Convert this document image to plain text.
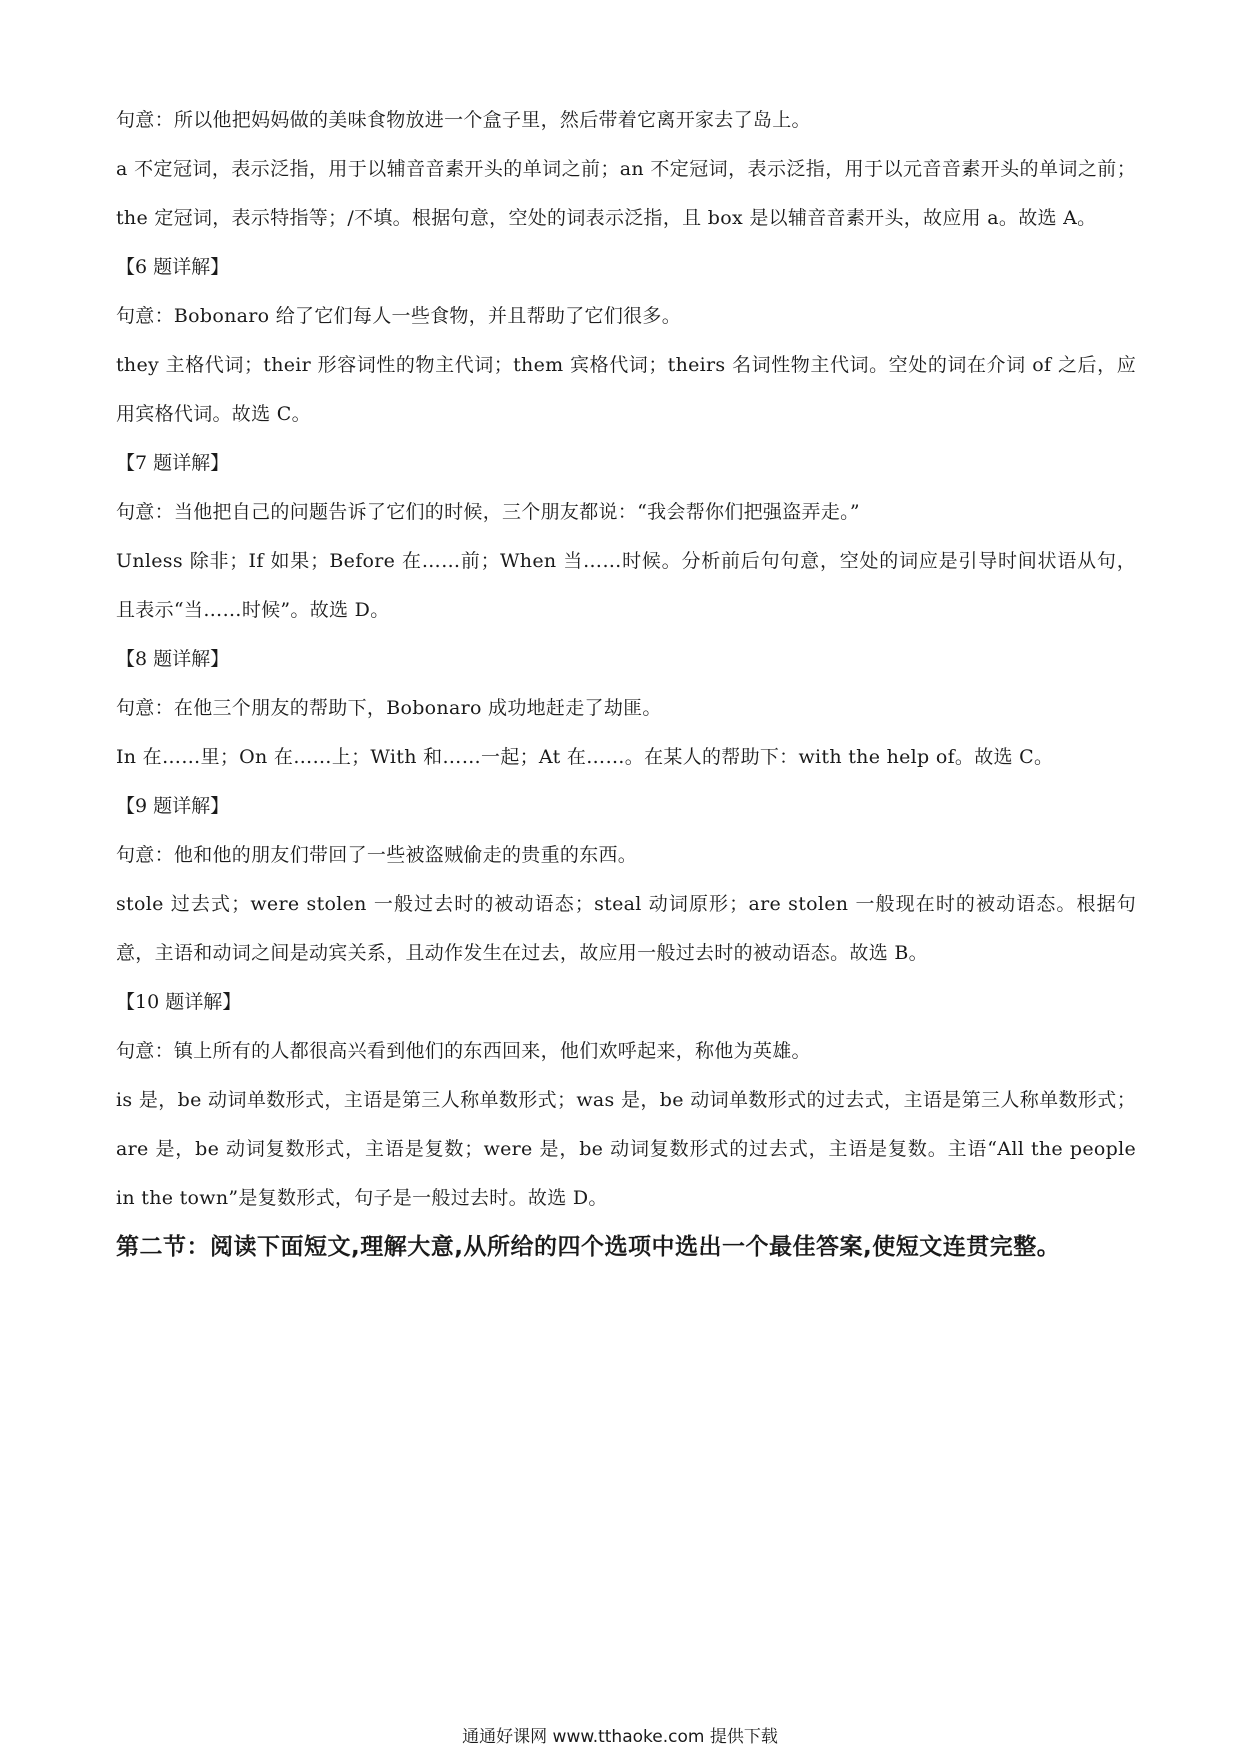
句意：所以他把妈妈做的美味食物放进一个盒子里，然后带着它离开家去了岛上。

a 不定冠词，表示泛指，用于以辅音音素开头的单词之前；an 不定冠词，表示泛指，用于以元音音素开头的单词之前；the 定冠词，表示特指等；/不填。根据句意，空处的词表示泛指，且 box 是以辅音音素开头，故应用 a。故选 A。

【6 题详解】

句意：Bobonaro 给了它们每人一些食物，并且帮助了它们很多。

they 主格代词；their 形容词性的物主代词；them 宾格代词；theirs 名词性物主代词。空处的词在介词 of 之后，应用宾格代词。故选 C。

【7 题详解】

句意：当他把自己的问题告诉了它们的时候，三个朋友都说：“我会帮你们把强盗弄走。”

Unless 除非；If 如果；Before 在……前；When 当……时候。分析前后句句意，空处的词应是引导时间状语从句，且表示“当……时候”。故选 D。

【8 题详解】

句意：在他三个朋友的帮助下，Bobonaro 成功地赶走了劫匪。

In 在……里；On 在……上；With 和……一起；At 在……。在某人的帮助下：with the help of。故选 C。

【9 题详解】

句意：他和他的朋友们带回了一些被盗贼偷走的贵重的东西。

stole 过去式；were stolen 一般过去时的被动语态；steal 动词原形；are stolen 一般现在时的被动语态。根据句意，主语和动词之间是动宾关系，且动作发生在过去，故应用一般过去时的被动语态。故选 B。

【10 题详解】

句意：镇上所有的人都很高兴看到他们的东西回来，他们欢呼起来，称他为英雄。

is 是，be 动词单数形式，主语是第三人称单数形式；was 是，be 动词单数形式的过去式，主语是第三人称单数形式；are 是，be 动词复数形式，主语是复数；were 是，be 动词复数形式的过去式，主语是复数。主语“All the people in the town”是复数形式，句子是一般过去时。故选 D。

第二节：阅读下面短文,理解大意,从所给的四个选项中选出一个最佳答案,使短文连贯完整。

通通好课网 www.tthaoke.com 提供下载
